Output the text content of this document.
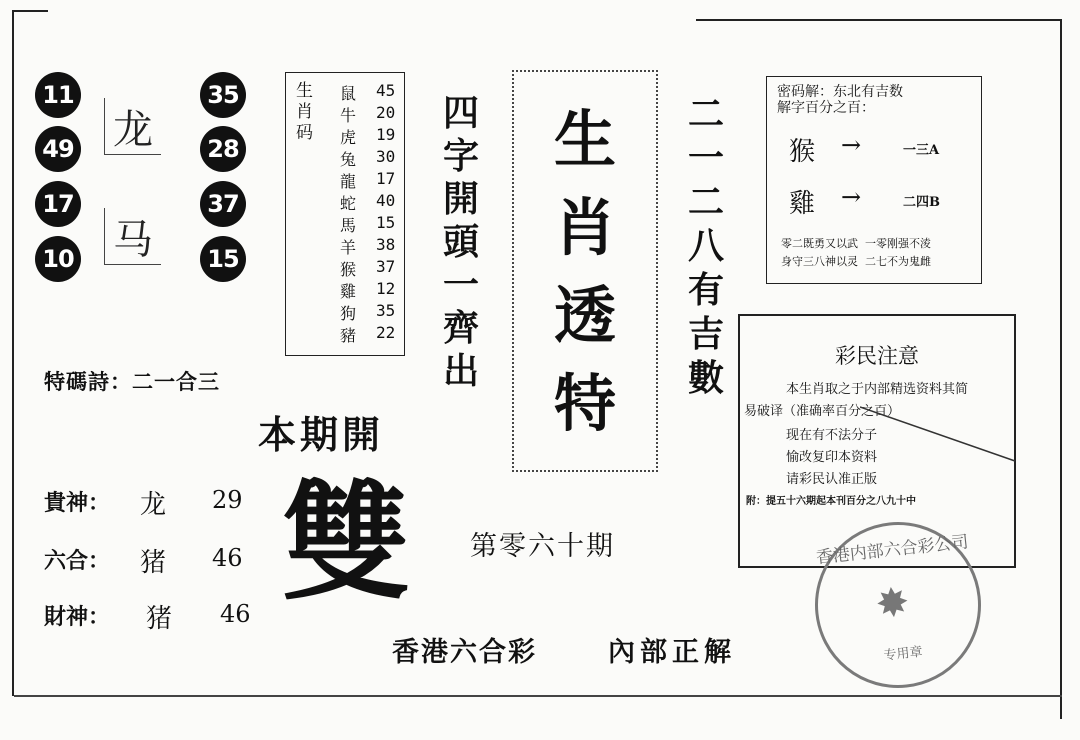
11
49
17
10
35
28
37
15
龙
马
生肖码
鼠 45
牛 20
虎 19
兔 30
龍 17
蛇 40
馬 15
羊 38
猴 37
雞 12
狗 35
豬 22
四
字
開
頭
一
齊
出
生
肖
透
特
二
一
二
八
有
吉
數
密码解：东北有吉数
解字百分之百：
猴 →	一三A
雞 →	二四B
零二既勇又以武  一零刚强不淩
身守三八神以灵  二七不为鬼雌
彩民注意
本生肖取之于内部精选资料其简
易破译（准确率百分之百）
现在有不法分子
愉改复印本资料
请彩民认准正版
附：提五十六期起本刊百分之八九十中
特碼詩：二一合三
本期開
貴神： 龙 29
六合： 猪 46
財神： 猪 46 雙 第零六十期
香港六合彩	內部正解
香港内部六合彩公司
✸
专用章
